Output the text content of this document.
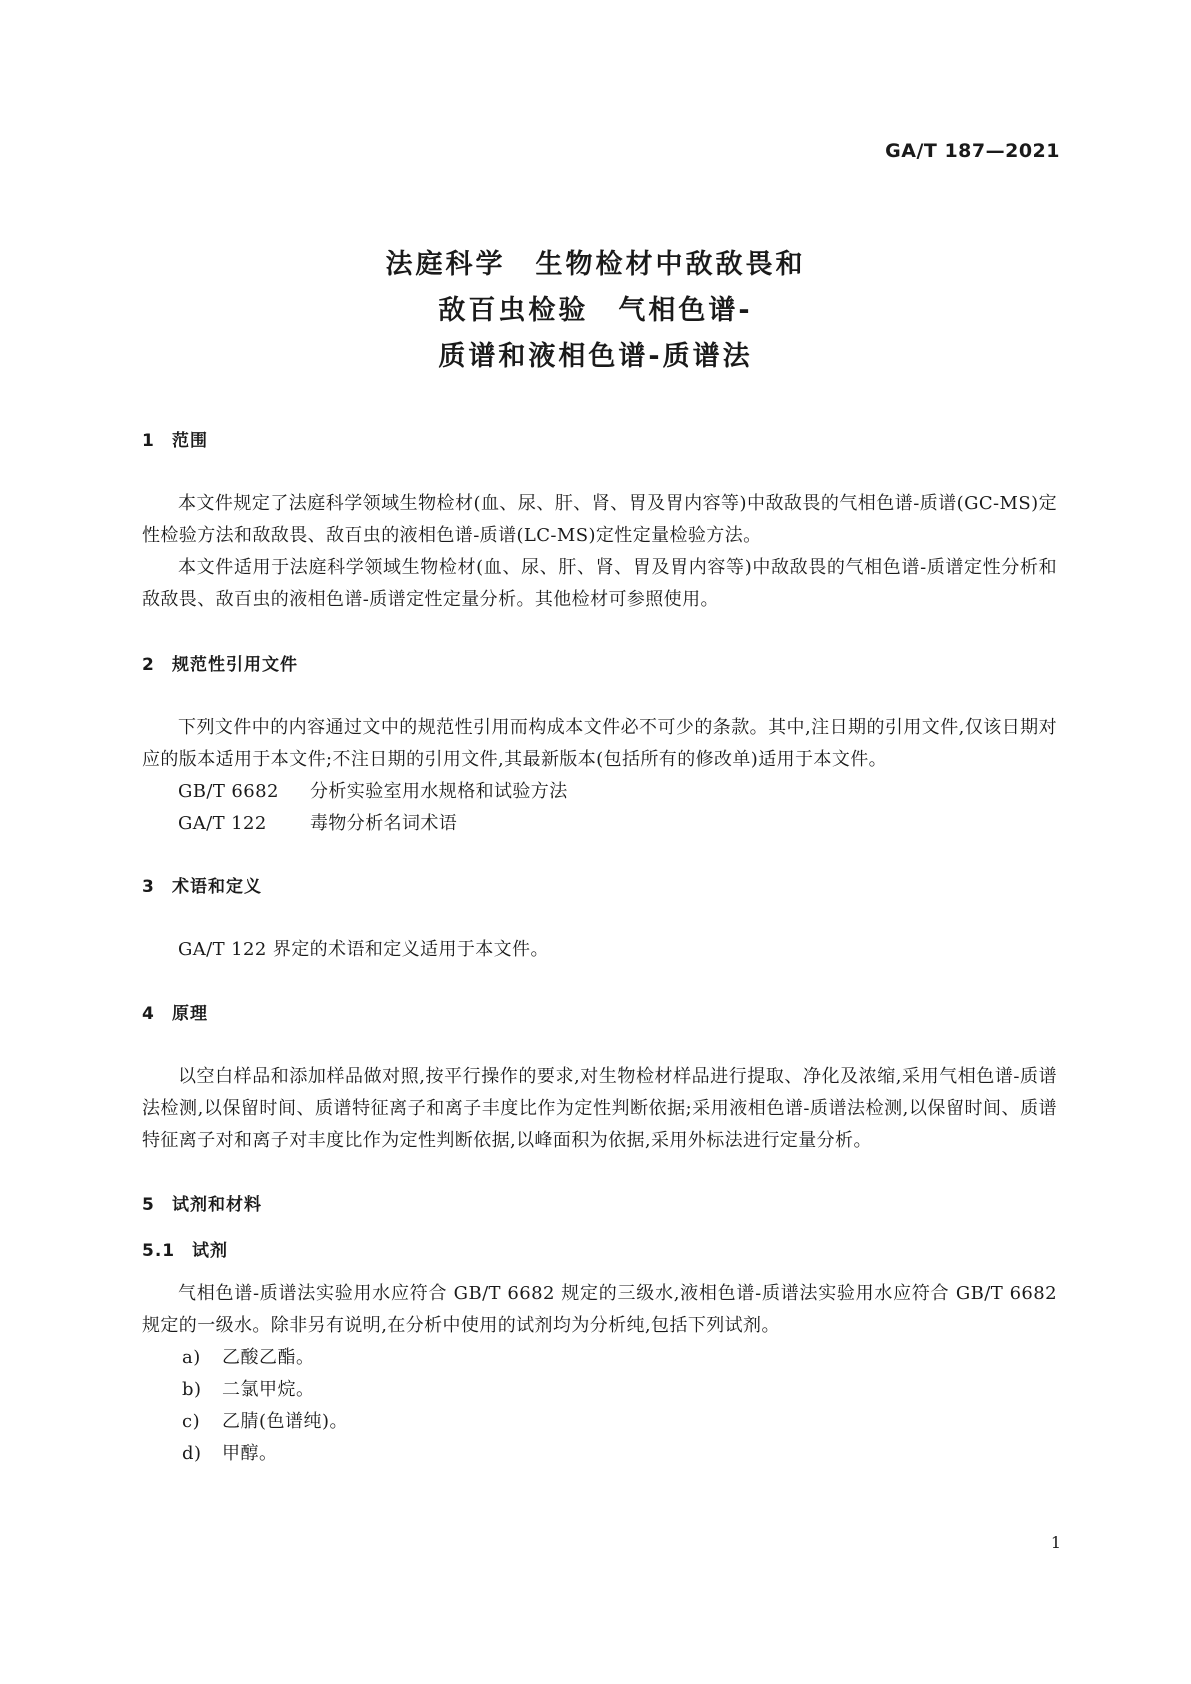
GA/T 187—2021
法庭科学　生物检材中敌敌畏和
敌百虫检验　气相色谱-
质谱和液相色谱-质谱法
1 范围

本文件规定了法庭科学领域生物检材(血、尿、肝、肾、胃及胃内容等)中敌敌畏的气相色谱-质谱(GC-MS)定性检验方法和敌敌畏、敌百虫的液相色谱-质谱(LC-MS)定性定量检验方法。

本文件适用于法庭科学领域生物检材(血、尿、肝、肾、胃及胃内容等)中敌敌畏的气相色谱-质谱定性分析和敌敌畏、敌百虫的液相色谱-质谱定性定量分析。其他检材可参照使用。

2 规范性引用文件

下列文件中的内容通过文中的规范性引用而构成本文件必不可少的条款。其中,注日期的引用文件,仅该日期对应的版本适用于本文件;不注日期的引用文件,其最新版本(包括所有的修改单)适用于本文件。

GB/T 6682 分析实验室用水规格和试验方法
GA/T 122 毒物分析名词术语
3 术语和定义

GA/T 122 界定的术语和定义适用于本文件。

4 原理

以空白样品和添加样品做对照,按平行操作的要求,对生物检材样品进行提取、净化及浓缩,采用气相色谱-质谱法检测,以保留时间、质谱特征离子和离子丰度比作为定性判断依据;采用液相色谱-质谱法检测,以保留时间、质谱特征离子对和离子对丰度比作为定性判断依据,以峰面积为依据,采用外标法进行定量分析。

5 试剂和材料
5.1 试剂

气相色谱-质谱法实验用水应符合 GB/T 6682 规定的三级水,液相色谱-质谱法实验用水应符合 GB/T 6682 规定的一级水。除非另有说明,在分析中使用的试剂均为分析纯,包括下列试剂。

a) 乙酸乙酯。
b) 二氯甲烷。
c) 乙腈(色谱纯)。
d) 甲醇。
1
